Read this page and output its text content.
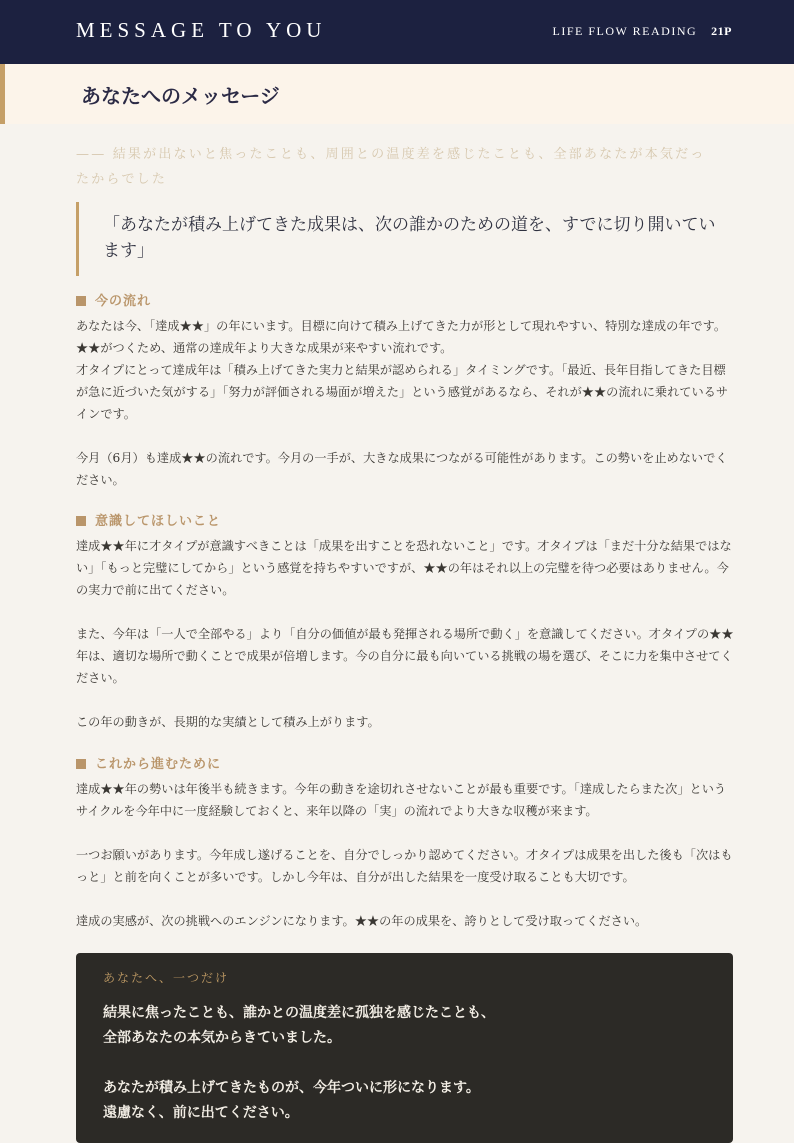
MESSAGE TO YOU	LIFE FLOW READING 21P
あなたへのメッセージ
—— 結果が出ないと焦ったことも、周囲との温度差を感じたことも、全部あなたが本気だったからでした

「あなたが積み上げてきた成果は、次の誰かのための道を、すでに切り開いています」

今の流れ

あなたは今、「達成★★」の年にいます。目標に向けて積み上げてきた力が形として現れやすい、特別な達成の年です。★★がつくため、通常の達成年より大きな成果が来やすい流れです。

才タイプにとって達成年は「積み上げてきた実力と結果が認められる」タイミングです。「最近、長年目指してきた目標が急に近づいた気がする」「努力が評価される場面が増えた」という感覚があるなら、それが★★の流れに乗れているサインです。

今月（6月）も達成★★の流れです。今月の一手が、大きな成果につながる可能性があります。この勢いを止めないでください。

意識してほしいこと

達成★★年に才タイプが意識すべきことは「成果を出すことを恐れないこと」です。才タイプは「まだ十分な結果ではない」「もっと完璧にしてから」という感覚を持ちやすいですが、★★の年はそれ以上の完璧を待つ必要はありません。今の実力で前に出てください。

また、今年は「一人で全部やる」より「自分の価値が最も発揮される場所で動く」を意識してください。才タイプの★★年は、適切な場所で動くことで成果が倍増します。今の自分に最も向いている挑戦の場を選び、そこに力を集中させてください。

この年の動きが、長期的な実績として積み上がります。

これから進むために

達成★★年の勢いは年後半も続きます。今年の動きを途切れさせないことが最も重要です。「達成したらまた次」というサイクルを今年中に一度経験しておくと、来年以降の「実」の流れでより大きな収穫が来ます。

一つお願いがあります。今年成し遂げることを、自分でしっかり認めてください。才タイプは成果を出した後も「次はもっと」と前を向くことが多いです。しかし今年は、自分が出した結果を一度受け取ることも大切です。

達成の実感が、次の挑戦へのエンジンになります。★★の年の成果を、誇りとして受け取ってください。

あなたへ、一つだけ

結果に焦ったことも、誰かとの温度差に孤独を感じたことも、

全部あなたの本気からきていました。

あなたが積み上げてきたものが、今年ついに形になります。

遠慮なく、前に出てください。
